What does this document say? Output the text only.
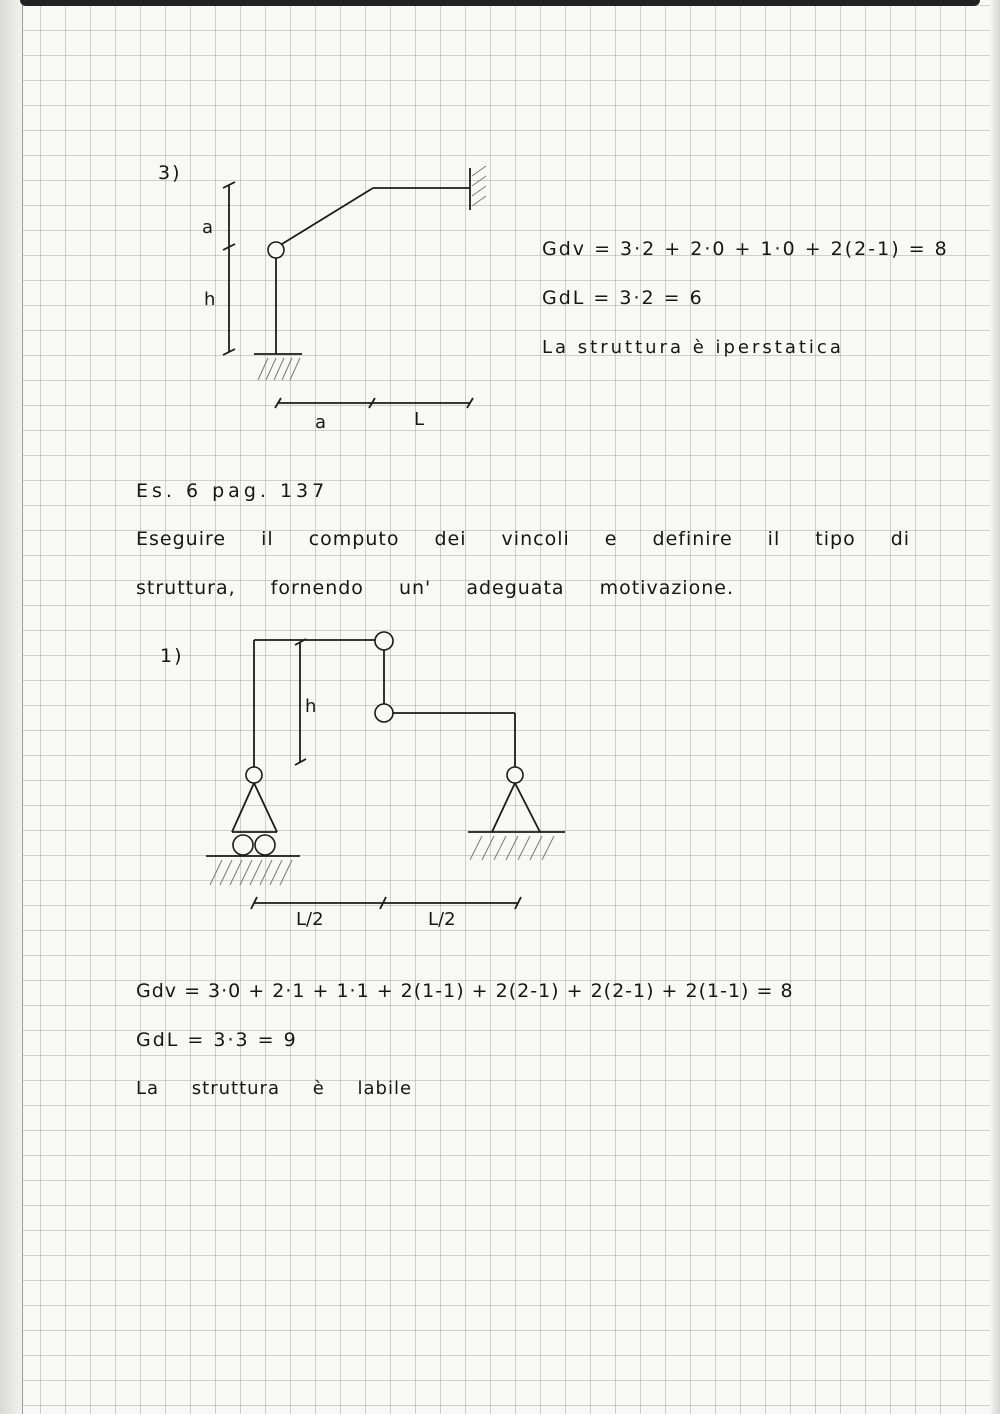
3)
Gdv = 3·2 + 2·0 + 1·0 + 2(2-1) = 8
GdL = 3·2 = 6
La struttura è iperstatica
a
h
a	L
Es. 6 pag. 137
Eseguire il computo dei vincoli e definire il tipo di
struttura, fornendo un' adeguata motivazione.
1)
h
L/2	L/2
Gdv = 3·0 + 2·1 + 1·1 + 2(1-1) + 2(2-1) + 2(2-1) + 2(1-1) = 8
GdL = 3·3 = 9
La struttura è labile
